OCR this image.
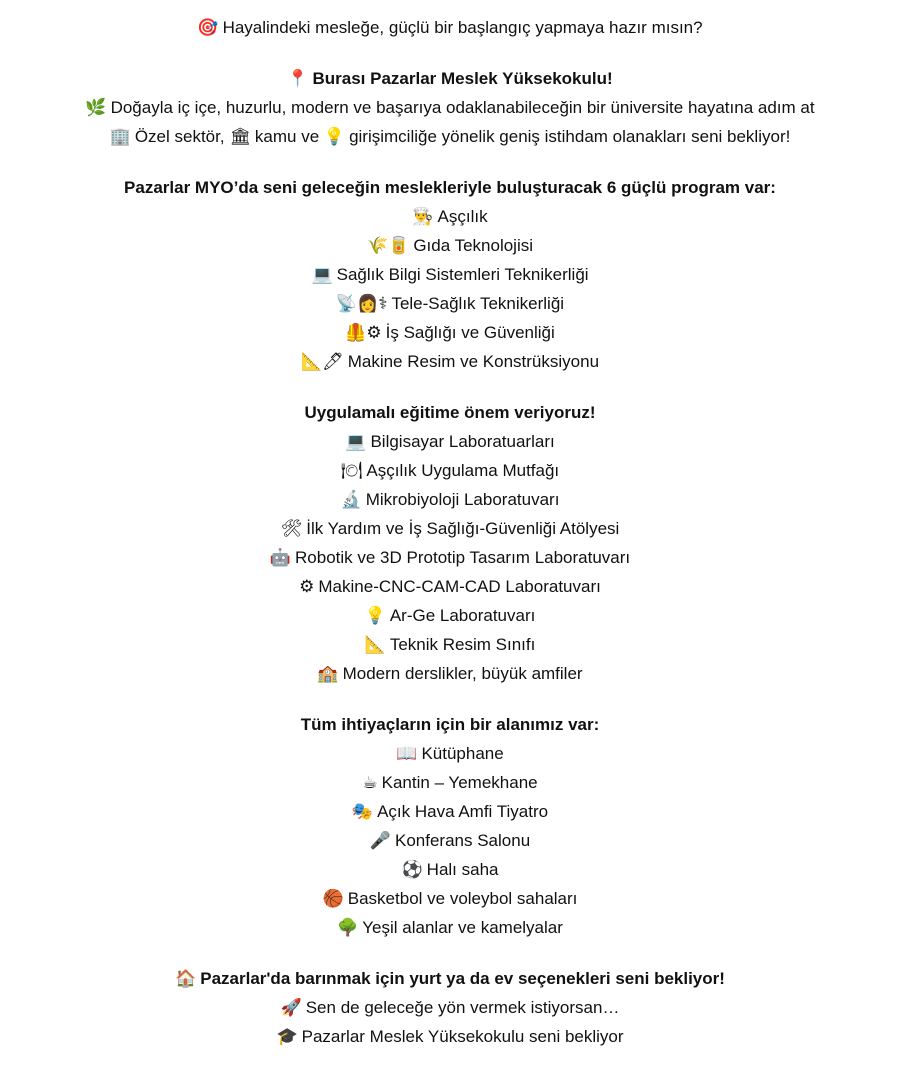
🎯 Hayalindeki mesleğe, güçlü bir başlangıç yapmaya hazır mısın?
📍 Burası Pazarlar Meslek Yüksekokulu!
🌿 Doğayla iç içe, huzurlu, modern ve başarıya odaklanabileceğin bir üniversite hayatına adım at
🏢 Özel sektör, 🏛 kamu ve 💡 girişimciliğe yönelik geniş istihdam olanakları seni bekliyor!
Pazarlar MYO’da seni geleceğin meslekleriyle buluşturacak 6 güçlü program var:
👨‍🍳 Aşçılık
🌾🥫 Gıda Teknolojisi
💻 Sağlık Bilgi Sistemleri Teknikerliği
📡👩⚕ Tele-Sağlık Teknikerliği
🦺⚙ İş Sağlığı ve Güvenliği
📐🖊 Makine Resim ve Konstrüksiyonu
Uygulamalı eğitime önem veriyoruz!
💻 Bilgisayar Laboratuarları
🍽 Aşçılık Uygulama Mutfağı
🔬 Mikrobiyoloji Laboratuvarı
🛠 İlk Yardım ve İş Sağlığı-Güvenliği Atölyesi
🤖 Robotik ve 3D Prototip Tasarım Laboratuvarı
⚙ Makine-CNC-CAM-CAD Laboratuvarı
💡 Ar-Ge Laboratuvarı
📐 Teknik Resim Sınıfı
🏫 Modern derslikler, büyük amfiler
Tüm ihtiyaçların için bir alanımız var:
📖 Kütüphane
☕ Kantin – Yemekhane
🎭 Açık Hava Amfi Tiyatro
🎤 Konferans Salonu
⚽ Halı saha
🏀 Basketbol ve voleybol sahaları
🌳 Yeşil alanlar ve kamelyalar
🏠 Pazarlar'da barınmak için yurt ya da ev seçenekleri seni bekliyor!
🚀 Sen de geleceğe yön vermek istiyorsan…
🎓 Pazarlar Meslek Yüksekokulu seni bekliyor
